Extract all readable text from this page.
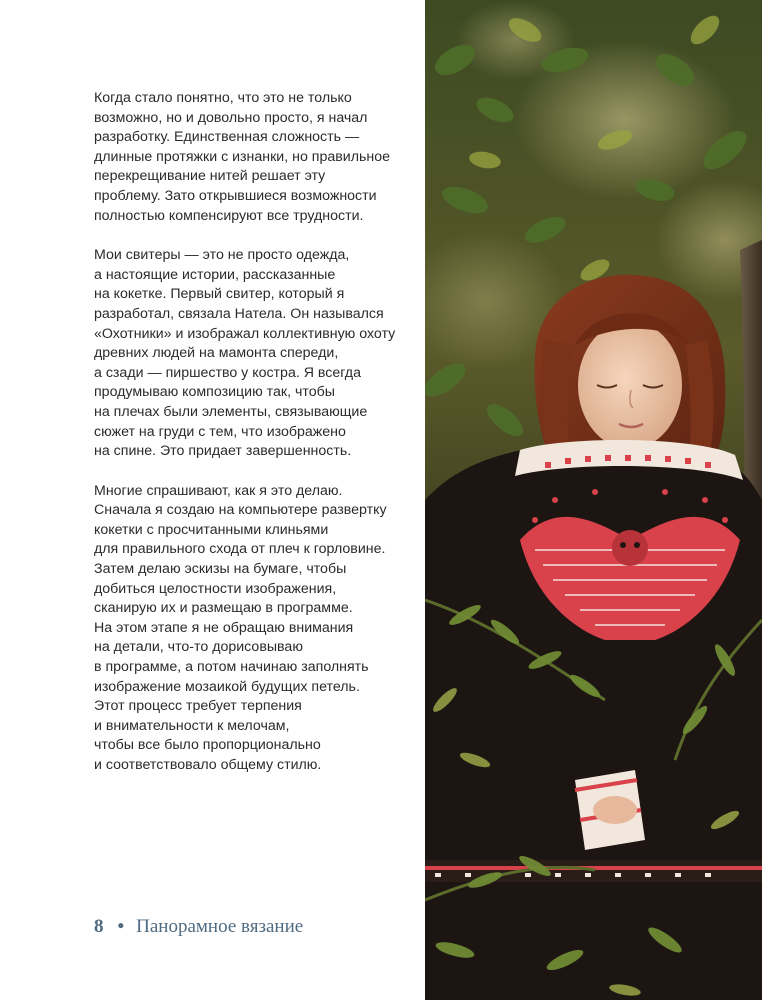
Когда стало понятно, что это не только
возможно, но и довольно просто, я начал
разработку. Единственная сложность —
длинные протяжки с изнанки, но правильное
перекрещивание нитей решает эту
проблему. Зато открывшиеся возможности
полностью компенсируют все трудности.

Мои свитеры — это не просто одежда,
а настоящие истории, рассказанные
на кокетке. Первый свитер, который я
разработал, связала Натела. Он назывался
«Охотники» и изображал коллективную охоту
древних людей на мамонта спереди,
а сзади — пиршество у костра. Я всегда
продумываю композицию так, чтобы
на плечах были элементы, связывающие
сюжет на груди с тем, что изображено
на спине. Это придает завершенность.

Многие спрашивают, как я это делаю.
Сначала я создаю на компьютере развертку
кокетки с просчитанными клиньями
для правильного схода от плеч к горловине.
Затем делаю эскизы на бумаге, чтобы
добиться целостности изображения,
сканирую их и размещаю в программе.
На этом этапе я не обращаю внимания
на детали, что-то дорисовываю
в программе, а потом начинаю заполнять
изображение мозаикой будущих петель.
Этот процесс требует терпения
и внимательности к мелочам,
чтобы все было пропорционально
и соответствовало общему стилю.

8 • Панорамное вязание
